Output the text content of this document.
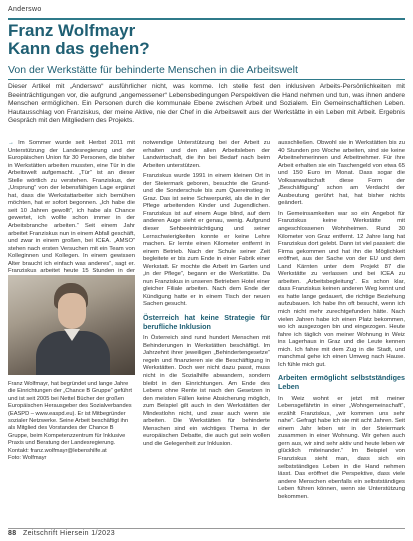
Anderswo
Franz Wolfmayr
Kann das gehen?
Von der Werkstätte für behinderte Menschen in die Arbeitswelt
Dieser Artikel mit „Anderswo“ ausführlicher nicht, was komme. Ich stelle fest den inklusiven Arbeits-Persönlichkeiten mit Beeinträchtigungen vor, die aufgrund „angemessener“ Lebensbedingungen Perspektiven die Hand nehmen und tun, was ihnen andere Menschen ermöglichen. Ein Personen durch die kommunale Ebene zwischen Arbeit und Sozialem. Ein Gemeinschaftlichen Leben. Hautausschlag von Franziskus, der meine Aktive, nie der Chef in die Arbeitswelt aus der Werkstätte in ein Leben mit Arbeit. Ergebnis Gespräch mit den Mitgliedern des Projekts.

→ Im Sommer wurde seit Herbst 2011 mit Unterstützung der Landesregierung und der Europäischen Union für 30 Personen, die bisher in Werkstätten arbeiten mussten, eine Tür in die Arbeitswelt aufgemacht. „Tür“ ist an dieser Stelle wörtlich zu verstehen. Franziskus, der „Ursprung“ von der lebensfähigen Lage ergänzt hat, dass die Werkstattarbeiter sich bemühen möchten, hat er sofort begonnen. „Ich habe die seit 10 Jahren gewollt“, ich habe als Chance gewertet, ich wollte schon immer in der Arbeitsbranche arbeiten.“ Seit einem Jahr arbeitet Franziskus nun in einem Abfall geschäft, und zwar in einem großen, bei ICEA. „AMSO“ stehen nach ersten Versuchen mit ein Team von Kolleginnen und Kollegen. In einem gewissen Alter braucht ich einfach was anderes“, sagt er. Franziskus arbeitet heute 15 Stunden in der

Franz Wolfmayr, hat begründet und lange Jahre die Einrichtungen der „Chance B Gruppe“ geführt und ist seit 2005 bei Nettel Bücher der großen Europäischen Herausgeber des Sozialverbandes (EASPD – www.easpd.eu). Er ist Mitbegründer sozialer Netzwerke. Seine Arbeit beschäftigt ihn als Mitglied des Vorstandes der Chance B Gruppe, beim Kompetenzzentrum für Inklusive Praxis und Beratung der Landesregierung. Kontakt: franz.wolfmayr@lebenshilfe.at
Foto: Wolfmayr

notwendige Unterstützung bei der Arbeit zu erhalten und den allen Arbeitsleben der Landwirtschaft, die ihn bei Bedarf nach beim Arbeiten unterstützen.

Franziskus wurde 1991 in einem kleinen Ort in der Steiermark geboren, besuchte die Grund- und die Sonderschule bis zum Quereinstieg in Graz. Das ist seine Schwerpunkt, als die in der Pflege arbeitenden Kinder und Jugendlichen. Franziskus ist auf einem Auge blind, auf dem anderen Auge sieht er genau, wenig. Aufgrund dieser Sehbeeinträchtigung und seiner Lernschwierigkeiten konnte er keine Lehre machen. Er lernte einen Kilometer entfernt in einem Betrieb. Nach der Schule seiner Zeit begleitete er bis zum Ende in einer Fabrik einer Werkstatt. Er mochte die Arbeit im Garten und „in der Pflege“, begann er die Werkstätte. Da nun Franziskus in unseren Betrieben Hotel einer gleicher Filiale arbeiten. Nach dem Ende der Kündigung hatte er in einem Tisch der neuen Sachen gesucht.

Österreich hat keine Strategie für berufliche Inklusion

In Österreich sind rund hundert Menschen mit Behinderungen in Werkstätten beschäftigt. Im Jahrzehnt ihrer jeweiligen „Behindertengesetze“ regeln und finanzieren sie die Beschäftigung in Werkstätten. Doch wer nicht dazu passt, muss nicht in die Sozialhilfe abwandern, sondern bleibt in den Einrichtungen. Am Ende des Lebens ohne Rente ist nach den Gesetzen in den meisten Fällen keine Absicherung möglich, zum Beispiel gilt auch in den Werkstätten der Mindestlohn nicht, und zwar auch wenn sie arbeiten. Die Werkstätten für behinderte Menschen sind ein wichtiges Thema in der europäischen Debatte, die auch gut sein wollen und die Gelegenheit zur Inklusion.

ausschließen. Obwohl sie in Werkstätten bis zu 40 Stunden pro Woche arbeiten, sind sie keine Arbeitnehmerinnen und Arbeitnehmer. Für ihre Arbeit erhalten sie ein Taschengeld von etwa 65 und 150 Euro im Monat. Dass sogar die Volksanwaltschaft diese Form der „Beschäftigung“ schon am Verdacht der Ausbeutung gerührt hat, hat bisher nichts geändert.

In Gemeinsamkeiten war so ein Angebot für Franziskus keine Werkstätte mit angeschlossenen Wohnheimen. Rund 30 Kilometer von Graz entfernt. 12 Jahre lang hat Franziskus dort gelebt. Dann ist viel passiert: die Firma gekommen und hat ihn die Möglichkeit eröffnet, aus der Sache von der EU und dem Land Kärnten unter dem Projekt 87 die Werkstätte zu verlassen und bei ICEA zu arbeiten. „Arbeitsbegleitung“. Es schon klar, dass Franziskus keinen anderen Weg kennt und es hatte lange gedauert, die richtige Beziehung aufzubauen. Ich habe ihn oft besucht, wenn ich mich nicht mehr zurechtgefunden hätte. Nach vielen Jahren habe ich einen Platz bekommen, wo ich ausgezogen bin und eingezogen. Heute fahre ich täglich von meiner Wohnung in Weiz ins Lagerhaus in Graz und die Leute kennen mich. Ich fahre mit dem Zug in die Stadt, und manchmal gehe ich einen Umweg nach Hause. Ich fühle mich gut.

Arbeiten ermöglicht selbstständiges Leben

In Weiz wohnt er jetzt mit meiner Lebensgefährtin in einer „Wohngemeinschaft“, erzählt Franziskus, „wir kommen uns sehr nahe“. Gefragt habe ich sie mit acht Jahren. Seit einem Jahr leben wir in der Steiermark zusammen in einer Wohnung. Wir gehen auch gern aus, wir sind sehr aktiv und heute leben wir glücklich miteinander.“ Im Beispiel von Franziskus sieht man, dass sich ein selbstständiges Leben in die Hand nehmen lässt. Das eröffnet die Perspektive, dass viele andere Menschen ebenfalls ein selbstständiges Leben führen können, wenn sie Unterstützung bekommen.

88 Zeitschrift Hiersein 1/2023
